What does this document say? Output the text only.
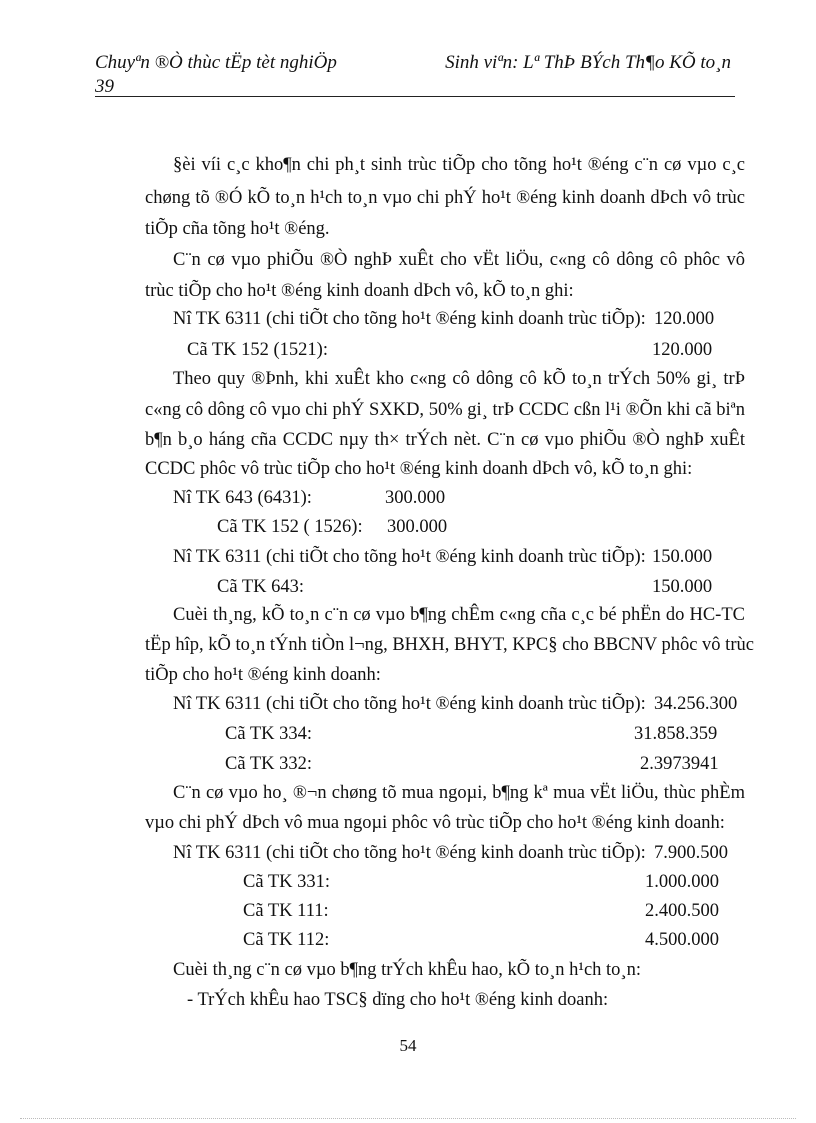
Chuyªn ®Ò thùc tËp tèt nghiÖp	Sinh viªn: Lª ThÞ BÝch Th¶o KÕ to¸n
39
§èi víi c¸c kho¶n chi ph¸t sinh trùc tiÕp cho tõng ho¹t ®éng c¨n cø vµo c¸c
chøng tõ ®Ó kÕ to¸n h¹ch to¸n vµo chi phÝ ho¹t ®éng kinh doanh dÞch vô trùc
tiÕp cña tõng ho¹t ®éng.
C¨n cø vµo phiÕu ®Ò nghÞ xuÊt cho vËt liÖu, c«ng cô dông cô phôc vô
trùc tiÕp cho ho¹t ®éng kinh doanh dÞch vô, kÕ to¸n ghi:
Nî TK 6311 (chi tiÕt cho tõng ho¹t ®éng kinh doanh trùc tiÕp): 120.000
Cã TK 152 (1521):	120.000
Theo quy ®Þnh, khi xuÊt kho c«ng cô dông cô kÕ to¸n trÝch 50% gi¸ trÞ
c«ng cô dông cô vµo chi phÝ SXKD, 50% gi¸ trÞ CCDC cßn l¹i ®Õn khi cã biªn
b¶n b¸o háng cña CCDC nµy th× trÝch nèt. C¨n cø vµo phiÕu ®Ò nghÞ xuÊt
CCDC phôc vô trùc tiÕp cho ho¹t ®éng kinh doanh dÞch vô, kÕ to¸n ghi:
Nî TK 643 (6431):	300.000
Cã TK 152 ( 1526): 300.000
Nî TK 6311 (chi tiÕt cho tõng ho¹t ®éng kinh doanh trùc tiÕp): 150.000
Cã TK 643:	150.000
Cuèi th¸ng, kÕ to¸n c¨n cø vµo b¶ng chÊm c«ng cña c¸c bé phËn do HC-TC
tËp hîp, kÕ to¸n tÝnh tiÒn l¬ng, BHXH, BHYT, KPC§ cho BBCNV phôc vô trùc
tiÕp cho ho¹t ®éng kinh doanh:
Nî TK 6311 (chi tiÕt cho tõng ho¹t ®éng kinh doanh trùc tiÕp): 34.256.300
Cã TK 334:	31.858.359
Cã TK 332:	2.3973941
C¨n cø vµo ho¸ ®¬n chøng tõ mua ngoµi, b¶ng kª mua vËt liÖu, thùc phÈm
vµo chi phÝ dÞch vô mua ngoµi phôc vô trùc tiÕp cho ho¹t ®éng kinh doanh:
Nî TK 6311 (chi tiÕt cho tõng ho¹t ®éng kinh doanh trùc tiÕp): 7.900.500
Cã TK 331:	1.000.000
Cã TK 111:	2.400.500
Cã TK 112:	4.500.000
Cuèi th¸ng c¨n cø vµo b¶ng trÝch khÊu hao, kÕ to¸n h¹ch to¸n:
- TrÝch khÊu hao TSC§ dïng cho ho¹t ®éng kinh doanh:
54
